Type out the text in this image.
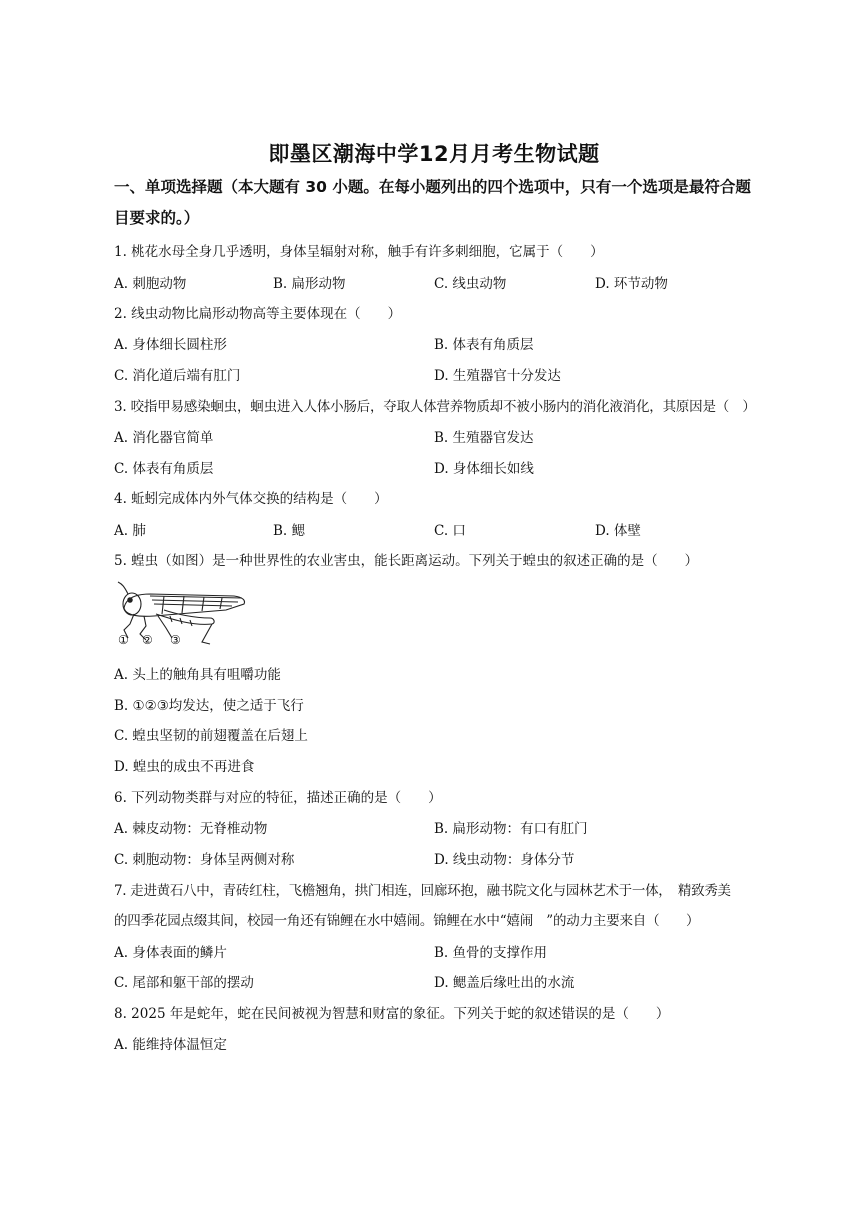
即墨区潮海中学12月月考生物试题
一、单项选择题（本大题有 30 小题。在每小题列出的四个选项中，只有一个选项是最符合题
目要求的。）
1. 桃花水母全身几乎透明，身体呈辐射对称，触手有许多刺细胞，它属于（　　）
A. 刺胞动物	B. 扁形动物	C. 线虫动物	D. 环节动物
2. 线虫动物比扁形动物高等主要体现在（　　）
A. 身体细长圆柱形	B. 体表有角质层
C. 消化道后端有肛门	D. 生殖器官十分发达
3. 咬指甲易感染蛔虫，蛔虫进入人体小肠后，夺取人体营养物质却不被小肠内的消化液消化，其原因是（　）
A. 消化器官简单	B. 生殖器官发达
C. 体表有角质层	D. 身体细长如线
4. 蚯蚓完成体内外气体交换的结构是（　　）
A. 肺	B. 鳃	C. 口	D. 体壁
5. 蝗虫（如图）是一种世界性的农业害虫，能长距离运动。下列关于蝗虫的叙述正确的是（　　）
① ② ③
A. 头上的触角具有咀嚼功能
B. ①②③均发达，使之适于飞行
C. 蝗虫坚韧的前翅覆盖在后翅上
D. 蝗虫的成虫不再进食
6. 下列动物类群与对应的特征，描述正确的是（　　）
A. 棘皮动物：无脊椎动物	B. 扁形动物：有口有肛门
C. 刺胞动物：身体呈两侧对称	D. 线虫动物：身体分节
7. 走进黄石八中，青砖红柱，飞檐翘角，拱门相连，回廊环抱，融书院文化与园林艺术于一体，　精致秀美
的四季花园点缀其间，校园一角还有锦鲤在水中嬉闹。锦鲤在水中“嬉闹　”的动力主要来自（　　）
A. 身体表面的鳞片	B. 鱼骨的支撑作用
C. 尾部和躯干部的摆动	D. 鳃盖后缘吐出的水流
8. 2025 年是蛇年，蛇在民间被视为智慧和财富的象征。下列关于蛇的叙述错误的是（　　）
A. 能维持体温恒定
